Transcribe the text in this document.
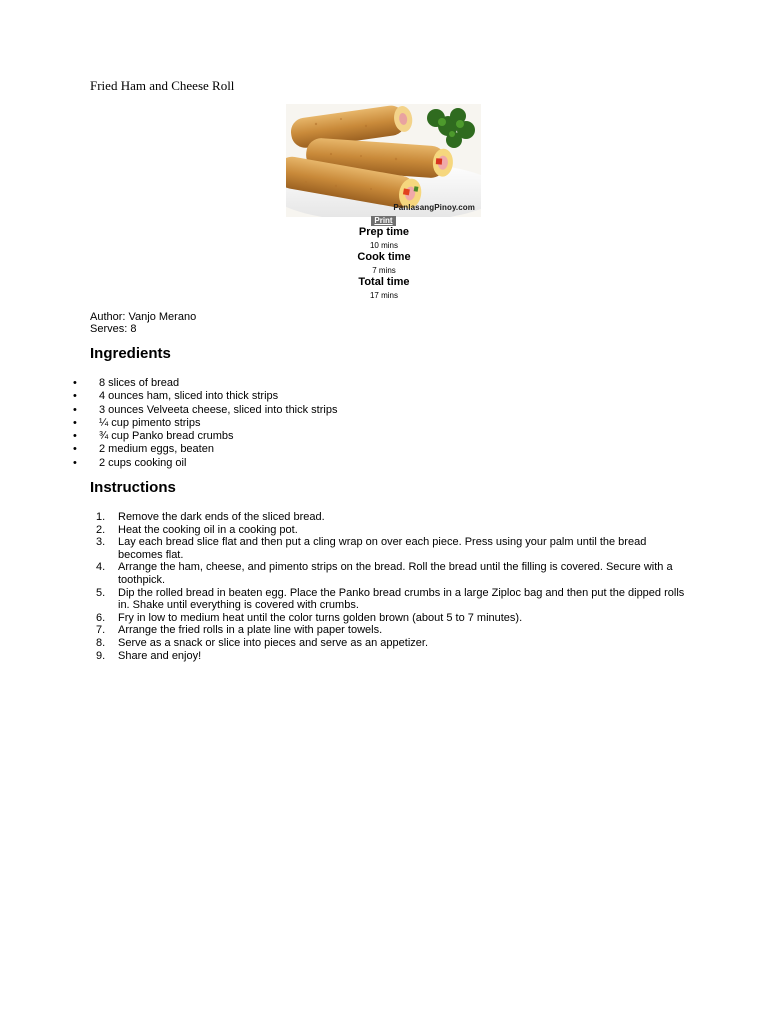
Fried Ham and Cheese Roll
PanlasangPinoy.com
Print
Prep time
10 mins
Cook time
7 mins
Total time
17 mins
Author: Vanjo Merano
Serves: 8
Ingredients
• 8 slices of bread
• 4 ounces ham, sliced into thick strips
• 3 ounces Velveeta cheese, sliced into thick strips
• ¼ cup pimento strips
• ¾ cup Panko bread crumbs
• 2 medium eggs, beaten
• 2 cups cooking oil
Instructions
1. Remove the dark ends of the sliced bread.
2. Heat the cooking oil in a cooking pot.
3. Lay each bread slice flat and then put a cling wrap on over each piece. Press using your palm until the bread becomes flat.
4. Arrange the ham, cheese, and pimento strips on the bread. Roll the bread until the filling is covered. Secure with a toothpick.
5. Dip the rolled bread in beaten egg. Place the Panko bread crumbs in a large Ziploc bag and then put the dipped rolls in. Shake until everything is covered with crumbs.
6. Fry in low to medium heat until the color turns golden brown (about 5 to 7 minutes).
7. Arrange the fried rolls in a plate line with paper towels.
8. Serve as a snack or slice into pieces and serve as an appetizer.
9. Share and enjoy!
